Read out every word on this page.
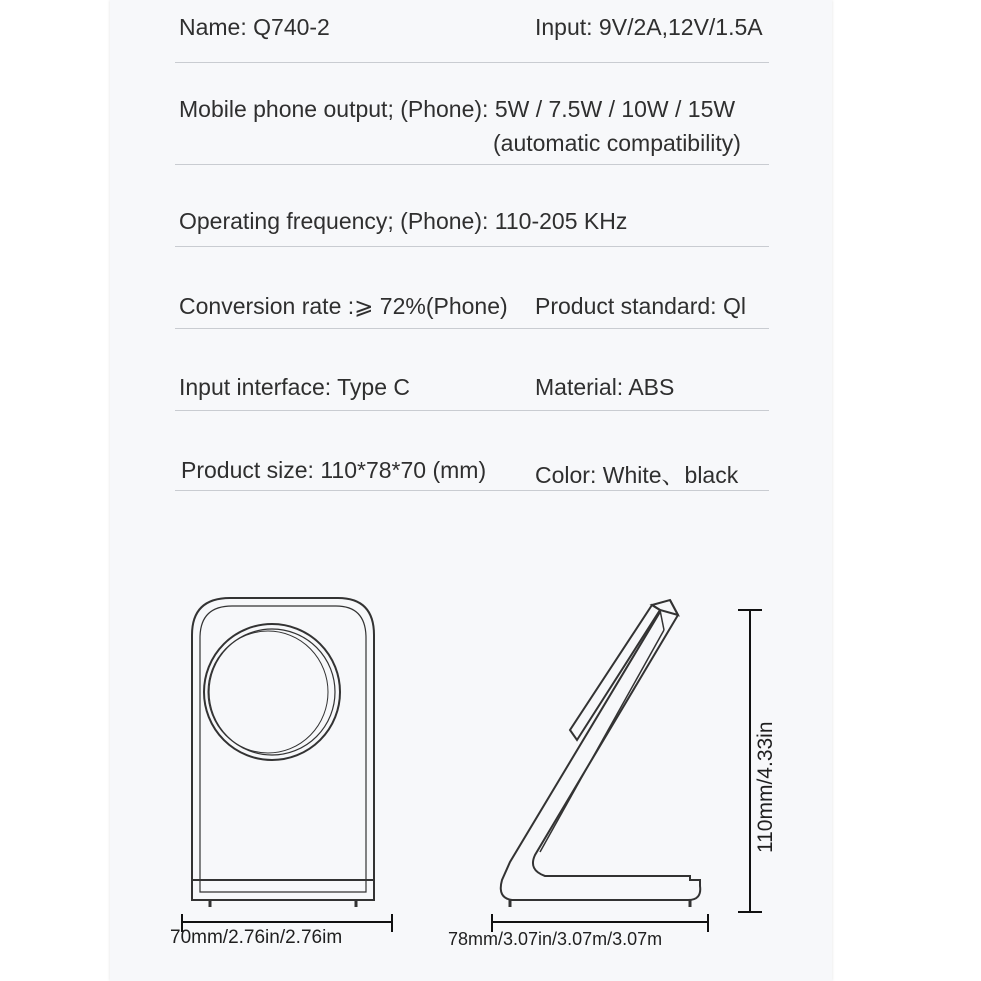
Name: Q740-2	Input: 9V/2A,12V/1.5A
Mobile phone output; (Phone): 5W / 7.5W / 10W / 15W
(automatic compatibility)
Operating frequency; (Phone): 110-205 KHz
Conversion rate :⩾ 72%(Phone) Product standard: Ql
Input interface: Type C	Material: ABS
Product size: 110*78*70 (mm) Color: White、black
70mm/2.76in/2.76im	78mm/3.07in/3.07m/3.07m
110mm/4.33in
